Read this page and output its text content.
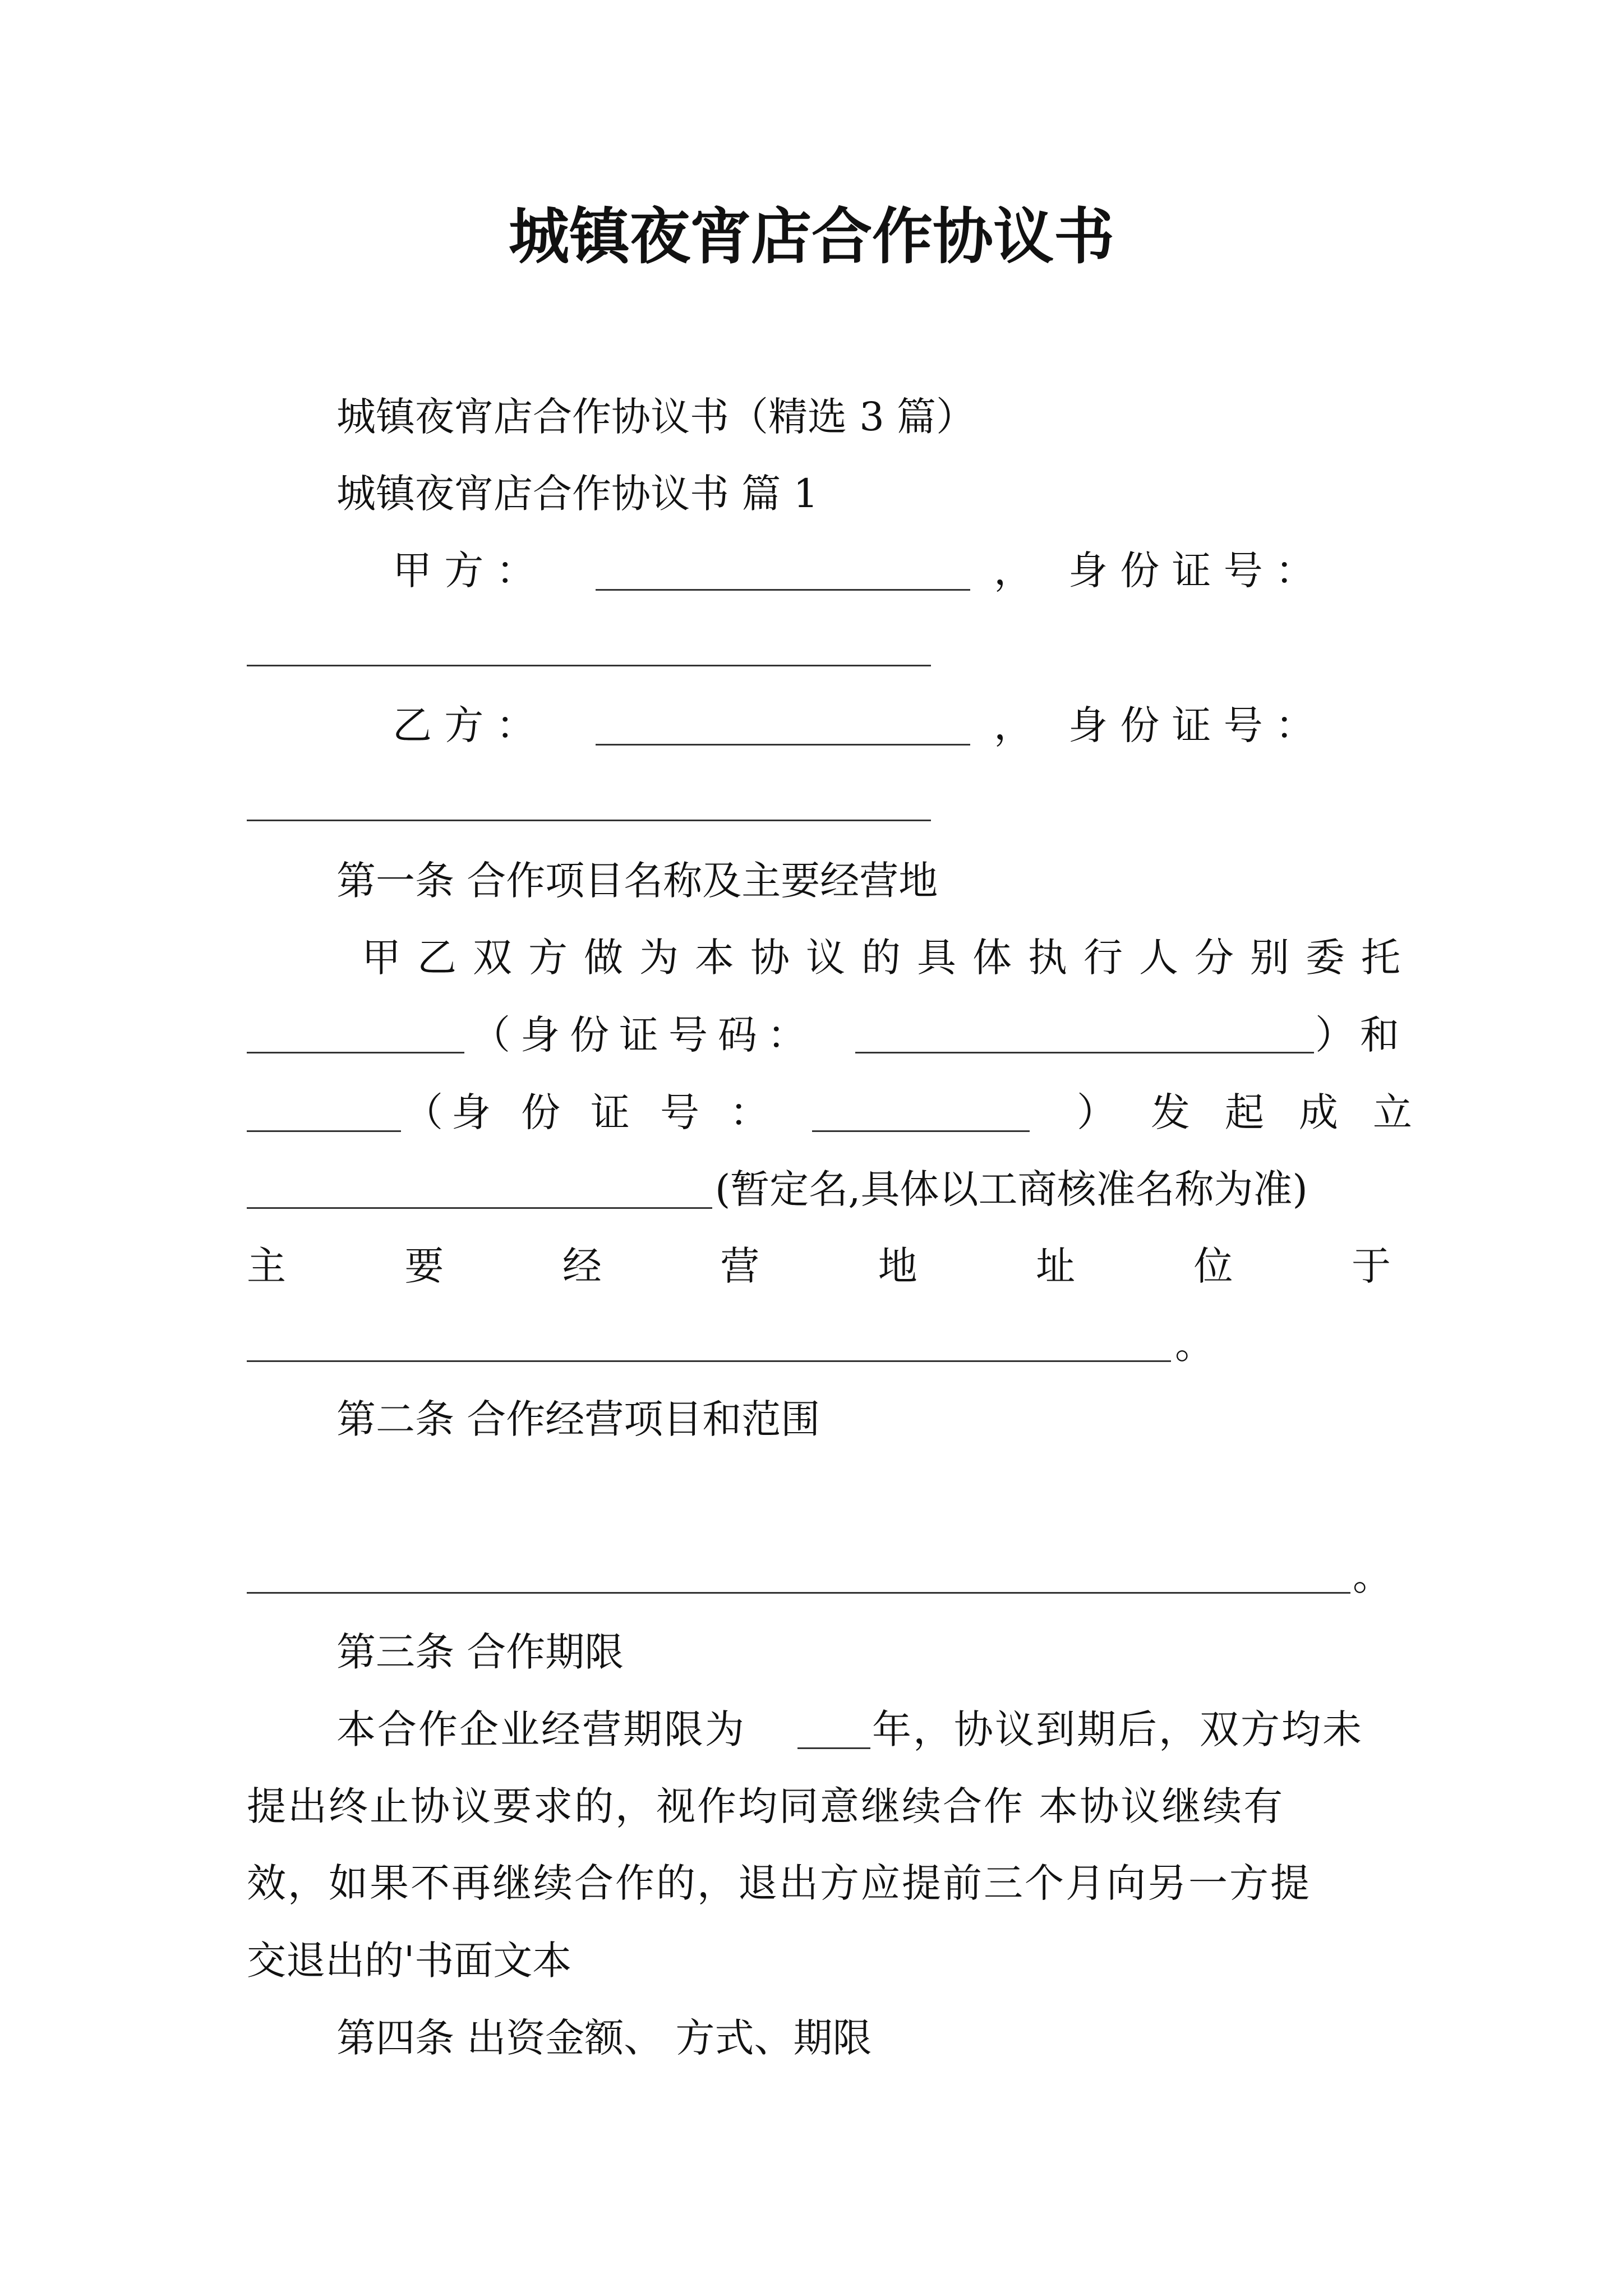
城镇夜宵店合作协议书
城镇夜宵店合作协议书（精选 3 篇）
城镇夜宵店合作协议书 篇 1
甲 方 ：	， 身 份 证 号 ：
乙 方 ：	， 身 份 证 号 ：
第一条 合作项目名称及主要经营地
甲乙双方做为本协议的具体执行人分别委托
（身份证号码：	）和
（ 身份证号：	）发起成立
(暂定名,具体以工商核准名称为准)
主	要	经	营	地	址	位	于
。
第二条 合作经营项目和范围
。
第三条 合作期限
本合作企业经营期限为	年，协议到期后，双方均未
提出终止协议要求的，视作均同意继续合作 本协议继续有
效，如果不再继续合作的，退出方应提前三个月向另一方提
交退出的'书面文本
第四条 出资金额、 方式、期限
